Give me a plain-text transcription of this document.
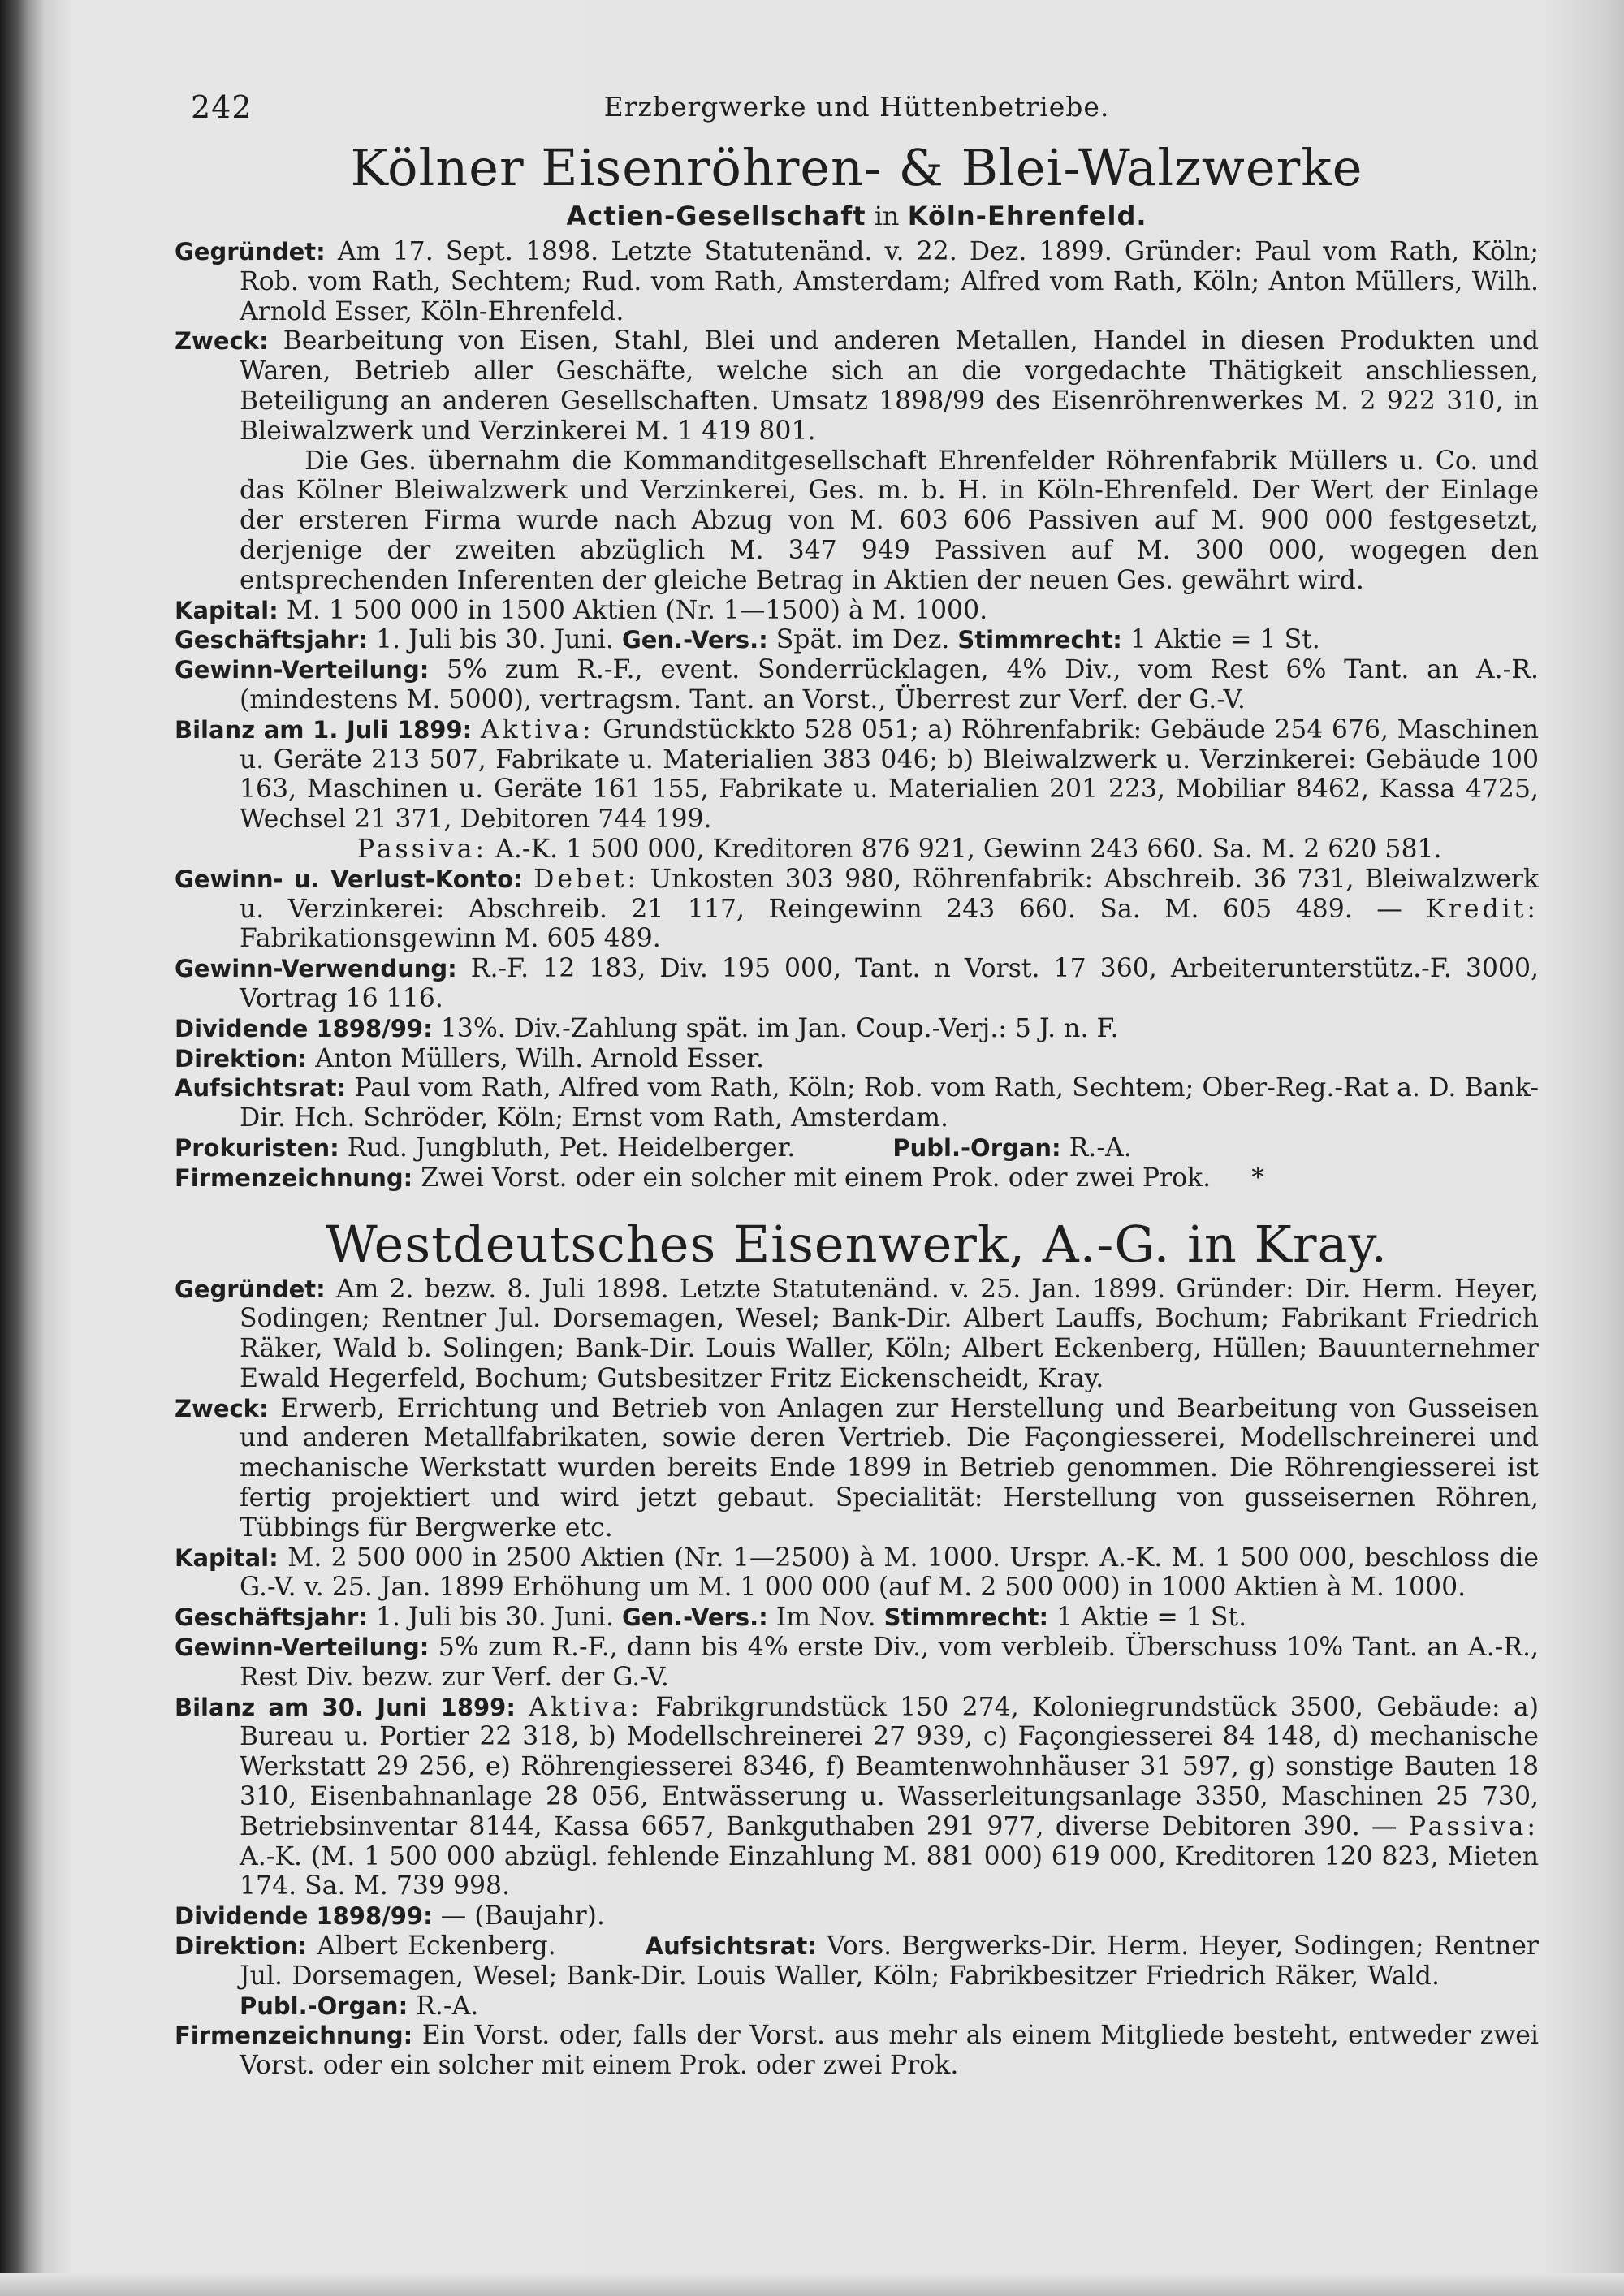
242	Erzbergwerke und Hüttenbetriebe.
Kölner Eisenröhren- & Blei-Walzwerke
Actien-Gesellschaft in Köln-Ehrenfeld.

Gegründet: Am 17. Sept. 1898. Letzte Statutenänd. v. 22. Dez. 1899. Gründer: Paul vom Rath, Köln; Rob. vom Rath, Sechtem; Rud. vom Rath, Amsterdam; Alfred vom Rath, Köln; Anton Müllers, Wilh. Arnold Esser, Köln-Ehrenfeld.

Zweck: Bearbeitung von Eisen, Stahl, Blei und anderen Metallen, Handel in diesen Produkten und Waren, Betrieb aller Geschäfte, welche sich an die vorgedachte Thätigkeit anschliessen, Beteiligung an anderen Gesellschaften. Umsatz 1898/99 des Eisenröhrenwerkes M. 2 922 310, in Bleiwalzwerk und Verzinkerei M. 1 419 801.

Die Ges. übernahm die Kommanditgesellschaft Ehrenfelder Röhrenfabrik Müllers u. Co. und das Kölner Bleiwalzwerk und Verzinkerei, Ges. m. b. H. in Köln-Ehrenfeld. Der Wert der Einlage der ersteren Firma wurde nach Abzug von M. 603 606 Passiven auf M. 900 000 festgesetzt, derjenige der zweiten abzüglich M. 347 949 Passiven auf M. 300 000, wogegen den entsprechenden Inferenten der gleiche Betrag in Aktien der neuen Ges. gewährt wird.

Kapital: M. 1 500 000 in 1500 Aktien (Nr. 1—1500) à M. 1000.

Geschäftsjahr: 1. Juli bis 30. Juni. Gen.-Vers.: Spät. im Dez. Stimmrecht: 1 Aktie = 1 St.

Gewinn-Verteilung: 5% zum R.-F., event. Sonderrücklagen, 4% Div., vom Rest 6% Tant. an A.-R. (mindestens M. 5000), vertragsm. Tant. an Vorst., Überrest zur Verf. der G.-V.

Bilanz am 1. Juli 1899: Aktiva: Grundstückkto 528 051; a) Röhrenfabrik: Gebäude 254 676, Maschinen u. Geräte 213 507, Fabrikate u. Materialien 383 046; b) Bleiwalzwerk u. Verzinkerei: Gebäude 100 163, Maschinen u. Geräte 161 155, Fabrikate u. Materialien 201 223, Mobiliar 8462, Kassa 4725, Wechsel 21 371, Debitoren 744 199.

Passiva: A.-K. 1 500 000, Kreditoren 876 921, Gewinn 243 660. Sa. M. 2 620 581.

Gewinn- u. Verlust-Konto: Debet: Unkosten 303 980, Röhrenfabrik: Abschreib. 36 731, Bleiwalzwerk u. Verzinkerei: Abschreib. 21 117, Reingewinn 243 660. Sa. M. 605 489. — Kredit: Fabrikationsgewinn M. 605 489.

Gewinn-Verwendung: R.-F. 12 183, Div. 195 000, Tant. n Vorst. 17 360, Arbeiterunterstütz.-F. 3000, Vortrag 16 116.

Dividende 1898/99: 13%. Div.-Zahlung spät. im Jan. Coup.-Verj.: 5 J. n. F.

Direktion: Anton Müllers, Wilh. Arnold Esser.

Aufsichtsrat: Paul vom Rath, Alfred vom Rath, Köln; Rob. vom Rath, Sechtem; Ober-Reg.-Rat a. D. Bank-Dir. Hch. Schröder, Köln; Ernst vom Rath, Amsterdam.

Prokuristen: Rud. Jungbluth, Pet. Heidelberger.	Publ.-Organ: R.-A.

Firmenzeichnung: Zwei Vorst. oder ein solcher mit einem Prok. oder zwei Prok. *

Westdeutsches Eisenwerk, A.-G. in Kray.

Gegründet: Am 2. bezw. 8. Juli 1898. Letzte Statutenänd. v. 25. Jan. 1899. Gründer: Dir. Herm. Heyer, Sodingen; Rentner Jul. Dorsemagen, Wesel; Bank-Dir. Albert Lauffs, Bochum; Fabrikant Friedrich Räker, Wald b. Solingen; Bank-Dir. Louis Waller, Köln; Albert Eckenberg, Hüllen; Bauunternehmer Ewald Hegerfeld, Bochum; Gutsbesitzer Fritz Eickenscheidt, Kray.

Zweck: Erwerb, Errichtung und Betrieb von Anlagen zur Herstellung und Bearbeitung von Gusseisen und anderen Metallfabrikaten, sowie deren Vertrieb. Die Façongiesserei, Modellschreinerei und mechanische Werkstatt wurden bereits Ende 1899 in Betrieb genommen. Die Röhrengiesserei ist fertig projektiert und wird jetzt gebaut. Specialität: Herstellung von gusseisernen Röhren, Tübbings für Bergwerke etc.

Kapital: M. 2 500 000 in 2500 Aktien (Nr. 1—2500) à M. 1000. Urspr. A.-K. M. 1 500 000, beschloss die G.-V. v. 25. Jan. 1899 Erhöhung um M. 1 000 000 (auf M. 2 500 000) in 1000 Aktien à M. 1000.

Geschäftsjahr: 1. Juli bis 30. Juni. Gen.-Vers.: Im Nov. Stimmrecht: 1 Aktie = 1 St.

Gewinn-Verteilung: 5% zum R.-F., dann bis 4% erste Div., vom verbleib. Überschuss 10% Tant. an A.-R., Rest Div. bezw. zur Verf. der G.-V.

Bilanz am 30. Juni 1899: Aktiva: Fabrikgrundstück 150 274, Koloniegrundstück 3500, Gebäude: a) Bureau u. Portier 22 318, b) Modellschreinerei 27 939, c) Façongiesserei 84 148, d) mechanische Werkstatt 29 256, e) Röhrengiesserei 8346, f) Beamtenwohnhäuser 31 597, g) sonstige Bauten 18 310, Eisenbahnanlage 28 056, Entwässerung u. Wasserleitungsanlage 3350, Maschinen 25 730, Betriebsinventar 8144, Kassa 6657, Bankguthaben 291 977, diverse Debitoren 390. — Passiva: A.-K. (M. 1 500 000 abzügl. fehlende Einzahlung M. 881 000) 619 000, Kreditoren 120 823, Mieten 174. Sa. M. 739 998.

Dividende 1898/99: — (Baujahr).

Direktion: Albert Eckenberg.	Aufsichtsrat: Vors. Bergwerks-Dir. Herm. Heyer, Sodingen; Rentner Jul. Dorsemagen, Wesel; Bank-Dir. Louis Waller, Köln; Fabrikbesitzer Friedrich Räker, Wald.            Publ.-Organ: R.-A.

Firmenzeichnung: Ein Vorst. oder, falls der Vorst. aus mehr als einem Mitgliede besteht, entweder zwei Vorst. oder ein solcher mit einem Prok. oder zwei Prok.
